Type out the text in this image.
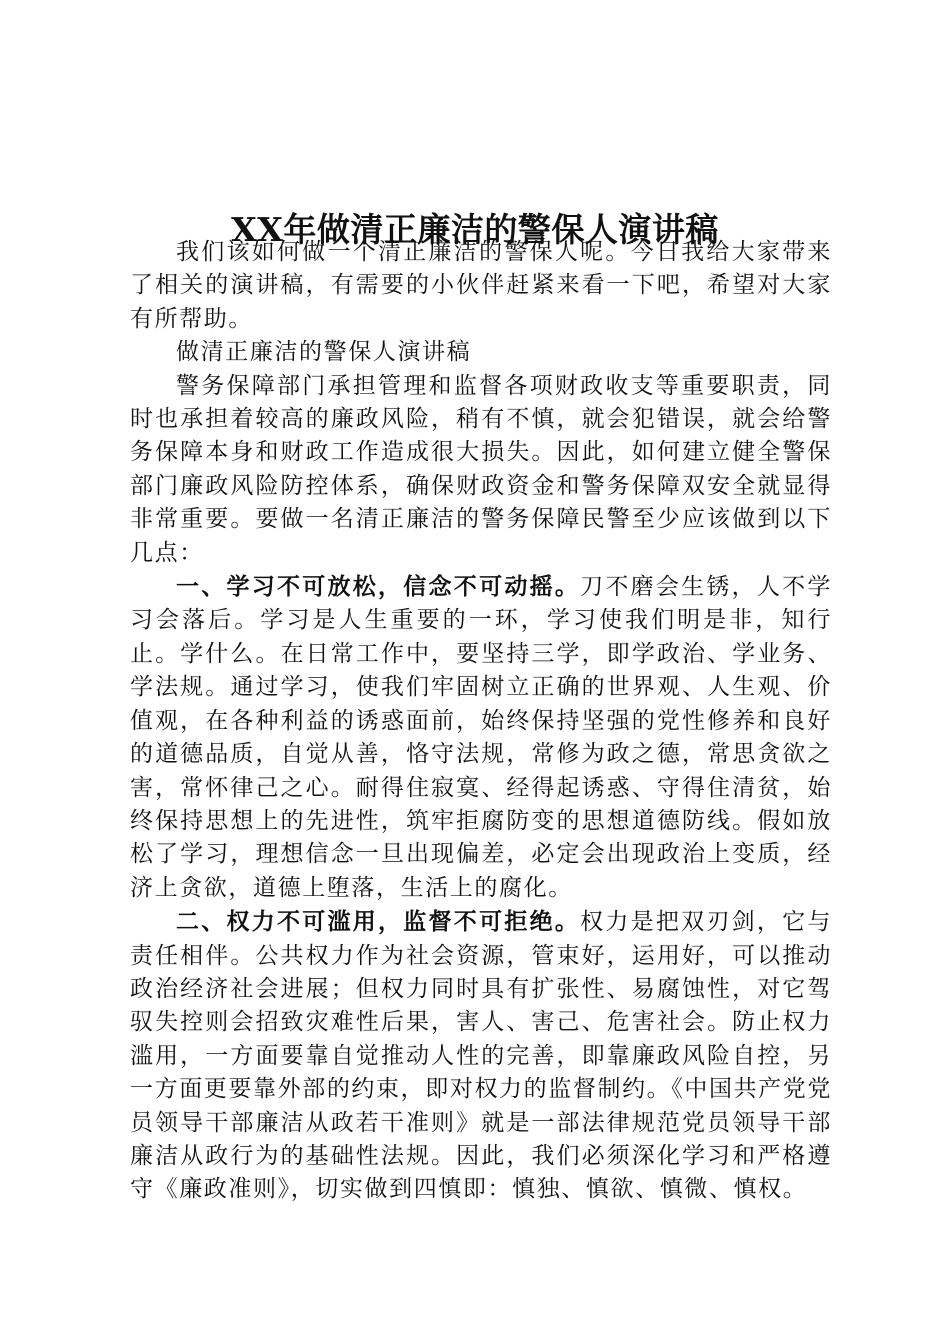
XX年做清正廉洁的警保人演讲稿

我们该如何做一个清正廉洁的警保人呢。今日我给大家带来了相关的演讲稿，有需要的小伙伴赶紧来看一下吧，希望对大家有所帮助。

做清正廉洁的警保人演讲稿

警务保障部门承担管理和监督各项财政收支等重要职责，同时也承担着较高的廉政风险，稍有不慎，就会犯错误，就会给警务保障本身和财政工作造成很大损失。因此，如何建立健全警保部门廉政风险防控体系，确保财政资金和警务保障双安全就显得非常重要。要做一名清正廉洁的警务保障民警至少应该做到以下几点：

一、学习不可放松，信念不可动摇。刀不磨会生锈，人不学习会落后。学习是人生重要的一环，学习使我们明是非，知行止。学什么。在日常工作中，要坚持三学，即学政治、学业务、学法规。通过学习，使我们牢固树立正确的世界观、人生观、价值观，在各种利益的诱惑面前，始终保持坚强的党性修养和良好的道德品质，自觉从善，恪守法规，常修为政之德，常思贪欲之害，常怀律己之心。耐得住寂寞、经得起诱惑、守得住清贫，始终保持思想上的先进性，筑牢拒腐防变的思想道德防线。假如放松了学习，理想信念一旦出现偏差，必定会出现政治上变质，经济上贪欲，道德上堕落，生活上的腐化。

二、权力不可滥用，监督不可拒绝。权力是把双刃剑，它与责任相伴。公共权力作为社会资源，管束好，运用好，可以推动政治经济社会进展；但权力同时具有扩张性、易腐蚀性，对它驾驭失控则会招致灾难性后果，害人、害己、危害社会。防止权力滥用，一方面要靠自觉推动人性的完善，即靠廉政风险自控，另一方面更要靠外部的约束，即对权力的监督制约。《中国共产党党员领导干部廉洁从政若干准则》就是一部法律规范党员领导干部廉洁从政行为的基础性法规。因此，我们必须深化学习和严格遵守《廉政准则》，切实做到四慎即：慎独、慎欲、慎微、慎权。
